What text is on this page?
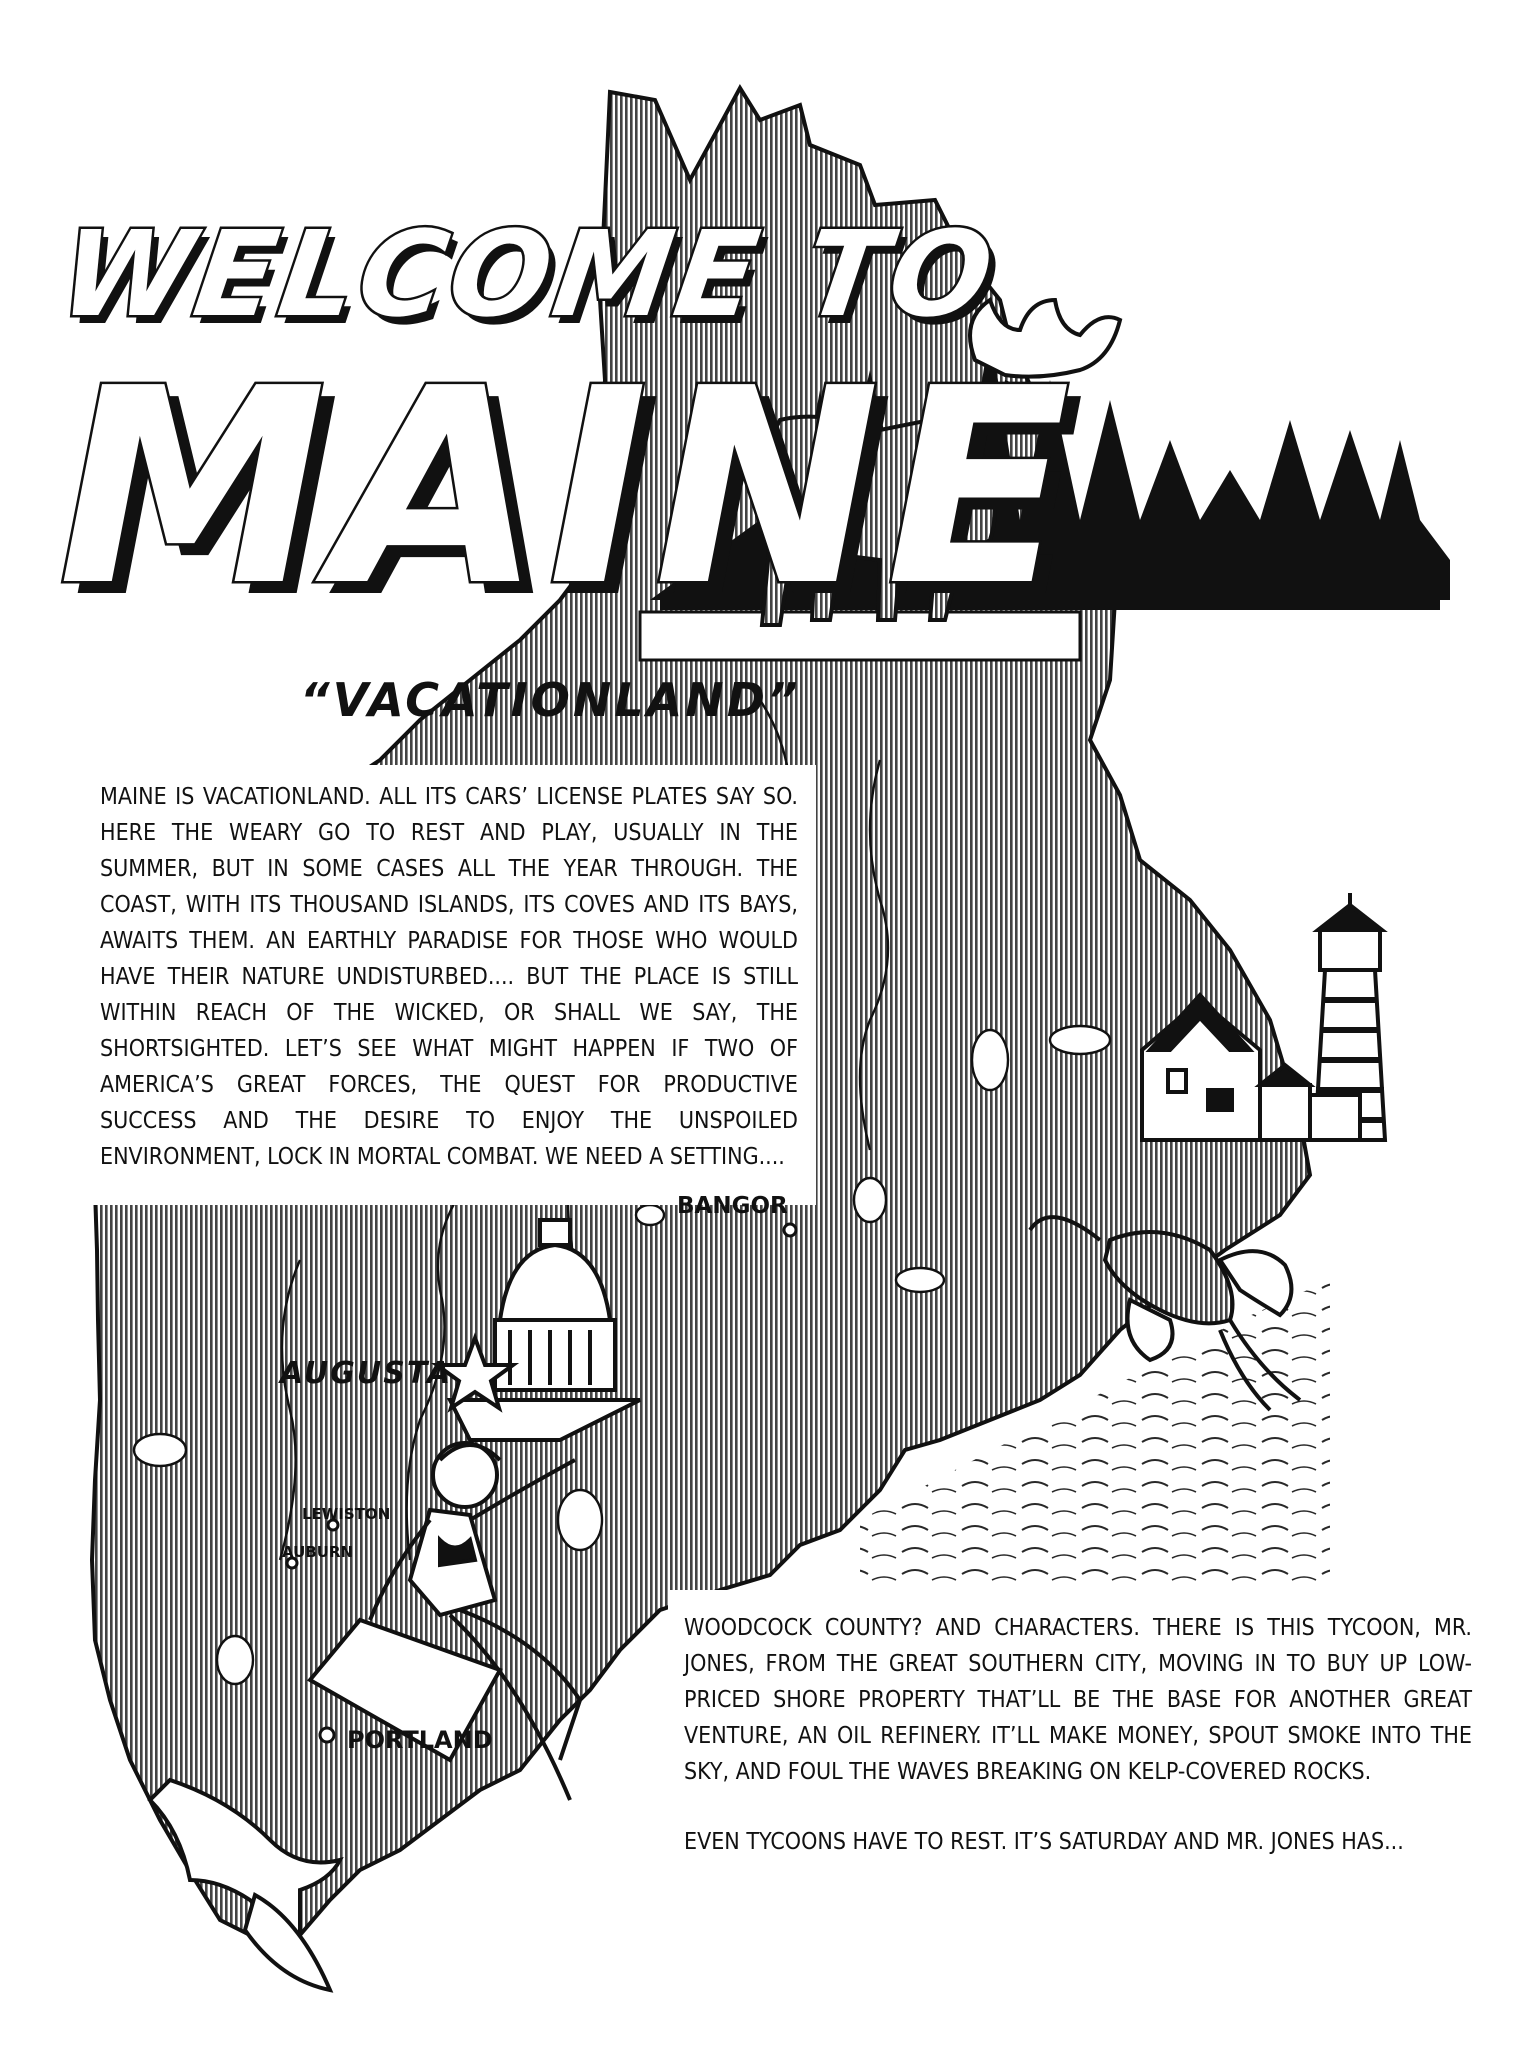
WELCOME TO
MAINE
“VACATIONLAND”

MAINE IS VACATIONLAND. ALL ITS CARS’ LICENSE PLATES SAY SO. HERE THE WEARY GO TO REST AND PLAY, USUALLY IN THE SUMMER, BUT IN SOME CASES ALL THE YEAR THROUGH. THE COAST, WITH ITS THOUSAND ISLANDS, ITS COVES AND ITS BAYS, AWAITS THEM. AN EARTHLY PARADISE FOR THOSE WHO WOULD HAVE THEIR NATURE UNDISTURBED.... BUT THE PLACE IS STILL WITHIN REACH OF THE WICKED, OR SHALL WE SAY, THE SHORTSIGHTED. LET’S SEE WHAT MIGHT HAPPEN IF TWO OF AMERICA’S GREAT FORCES, THE QUEST FOR PRODUCTIVE SUCCESS AND THE DESIRE TO ENJOY THE UNSPOILED ENVIRONMENT, LOCK IN MORTAL COMBAT. WE NEED A SETTING....

BANGOR
AUGUSTA
LEWISTON
AUBURN
PORTLAND

WOODCOCK COUNTY? AND CHARACTERS. THERE IS THIS TYCOON, MR. JONES, FROM THE GREAT SOUTHERN CITY, MOVING IN TO BUY UP LOW-PRICED SHORE PROPERTY THAT’LL BE THE BASE FOR ANOTHER GREAT VENTURE, AN OIL REFINERY. IT’LL MAKE MONEY, SPOUT SMOKE INTO THE SKY, AND FOUL THE WAVES BREAKING ON KELP-COVERED ROCKS.

EVEN TYCOONS HAVE TO REST. IT’S SATURDAY AND MR. JONES HAS...
